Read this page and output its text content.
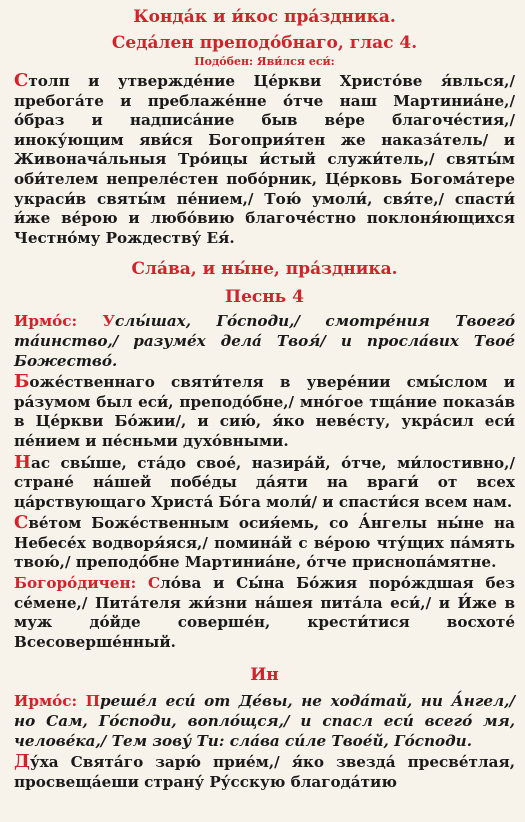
Конда́к и и́кос пра́здника.

Седа́лен преподо́бнаго, глас 4.

Подо́бен: Яви́лся еси́:

Столп и утвержде́ние Це́ркви Христо́ве я́влься,/ пребога́те и преблаже́нне о́тче наш Мартиниа́не,/ о́браз и надписа́ние быв ве́ре благоче́стия,/ иноку́ющим яви́ся Богоприя́тен же наказа́тель/ и Живонача́льныя Тро́ицы и́стый служи́тель,/ святы́м оби́телем непреле́стен побо́рник, Це́рковь Богома́тере украси́в святы́м пе́нием,/ Тою́ умоли́, свя́те,/ спасти́ и́же ве́рою и любо́вию благоче́стно поклоня́ющихся Честно́му Рождеству́ Ея́.

Сла́ва, и ны́не, пра́здника.

Песнь 4

Ирмо́с: Услы́шах, Го́споди,/ смотре́ния Твоего́ та́инство,/ разуме́х дела́ Твоя́/ и просла́вих Твое́ Божество́.

Боже́ственнаго святи́теля в увере́нии смы́слом и ра́зумом был еси́, преподо́бне,/ мно́гое тща́ние показа́в в Це́ркви Бо́жии/, и сию́, я́ко неве́сту, укра́сил еси́ пе́нием и пе́сньми духо́вными.

Нас свы́ше, ста́до свое́, назира́й, о́тче, ми́лостивно,/ стране́ на́шей побе́ды да́яти на враги́ от всех ца́рствующаго Христа́ Бо́га моли́/ и спасти́ся всем нам.

Све́том Боже́ственным осия́емь, со А́нгелы ны́не на Небесе́х водворя́яся,/ помина́й с ве́рою чту́щих па́мять твою́,/ преподо́бне Мартиниа́не, о́тче приснопа́мятне.

Богоро́дичен: Сло́ва и Сы́на Бо́жия поро́ждшая без се́мене,/ Пита́теля жи́зни на́шея пита́ла еси́,/ и И́же в муж до́йде соверше́н, крести́тися восхоте́ Всесоверше́нный.

Ин

Ирмо́с: Преше́л еси́ от Де́вы, не хода́тай, ни А́нгел,/ но Сам, Го́споди, вопло́щся,/ и спасл еси́ всего́ мя, челове́ка,/ Тем зову́ Ти: сла́ва си́ле Твое́й, Го́споди.

Ду́ха Свята́го зарю́ прие́м,/ я́ко звезда́ пресве́тлая, просвеща́еши страну́ Ру́сскую благода́тию
